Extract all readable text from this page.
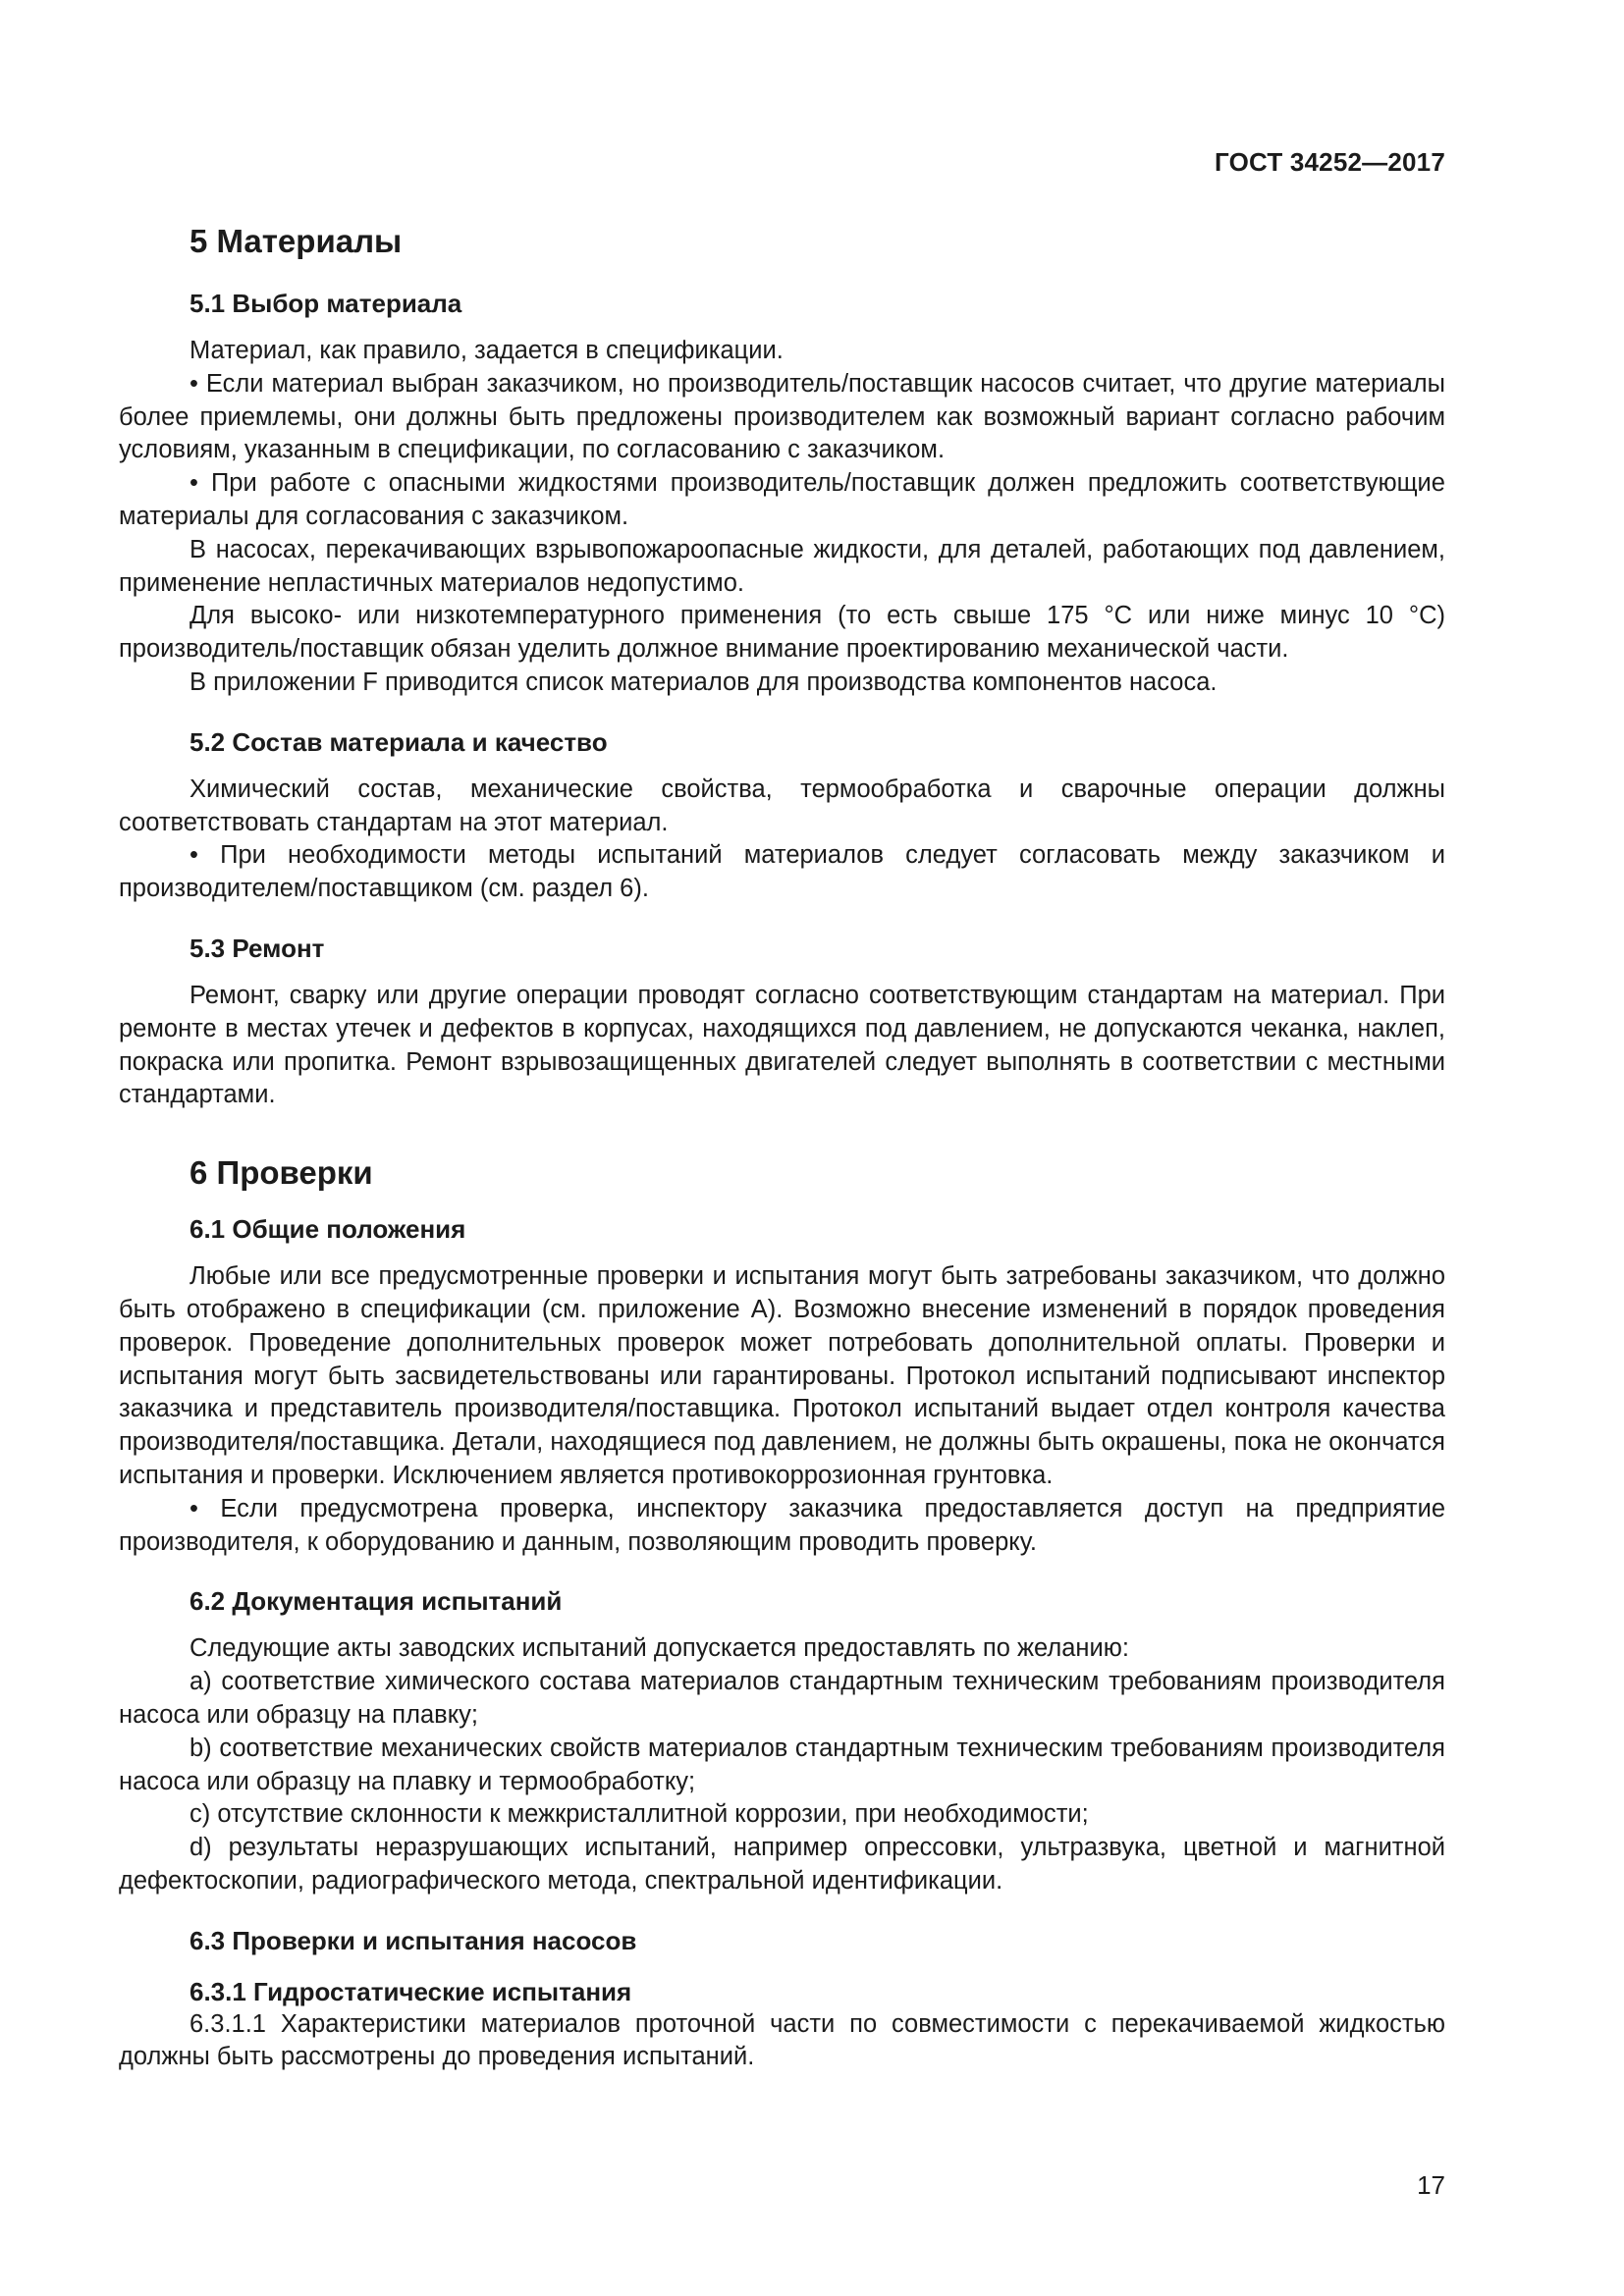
ГОСТ 34252—2017
5 Материалы
5.1 Выбор материала

Материал, как правило, задается в спецификации.

• Если материал выбран заказчиком, но производитель/поставщик насосов считает, что другие материалы более приемлемы, они должны быть предложены производителем как возможный вариант согласно рабочим условиям, указанным в спецификации, по согласованию с заказчиком.

• При работе с опасными жидкостями производитель/поставщик должен предложить соответствующие материалы для согласования с заказчиком.

В насосах, перекачивающих взрывопожароопасные жидкости, для деталей, работающих под давлением, применение непластичных материалов недопустимо.

Для высоко- или низкотемпературного применения (то есть свыше 175 °С или ниже минус 10 °С) производитель/поставщик обязан уделить должное внимание проектированию механической части.

В приложении F приводится список материалов для производства компонентов насоса.

5.2 Состав материала и качество

Химический состав, механические свойства, термообработка и сварочные операции должны соответствовать стандартам на этот материал.

• При необходимости методы испытаний материалов следует согласовать между заказчиком и производителем/поставщиком (см. раздел 6).

5.3 Ремонт

Ремонт, сварку или другие операции проводят согласно соответствующим стандартам на материал. При ремонте в местах утечек и дефектов в корпусах, находящихся под давлением, не допускаются чеканка, наклеп, покраска или пропитка. Ремонт взрывозащищенных двигателей следует выполнять в соответствии с местными стандартами.

6 Проверки
6.1 Общие положения

Любые или все предусмотренные проверки и испытания могут быть затребованы заказчиком, что должно быть отображено в спецификации (см. приложение А). Возможно внесение изменений в порядок проведения проверок. Проведение дополнительных проверок может потребовать дополнительной оплаты. Проверки и испытания могут быть засвидетельствованы или гарантированы. Протокол испытаний подписывают инспектор заказчика и представитель производителя/поставщика. Протокол испытаний выдает отдел контроля качества производителя/поставщика. Детали, находящиеся под давлением, не должны быть окрашены, пока не окончатся испытания и проверки. Исключением является противокоррозионная грунтовка.

• Если предусмотрена проверка, инспектору заказчика предоставляется доступ на предприятие производителя, к оборудованию и данным, позволяющим проводить проверку.

6.2 Документация испытаний

Следующие акты заводских испытаний допускается предоставлять по желанию:

a) соответствие химического состава материалов стандартным техническим требованиям производителя насоса или образцу на плавку;

b) соответствие механических свойств материалов стандартным техническим требованиям производителя насоса или образцу на плавку и термообработку;

c) отсутствие склонности к межкристаллитной коррозии, при необходимости;

d) результаты неразрушающих испытаний, например опрессовки, ультразвука, цветной и магнитной дефектоскопии, радиографического метода, спектральной идентификации.

6.3 Проверки и испытания насосов
6.3.1 Гидростатические испытания

6.3.1.1 Характеристики материалов проточной части по совместимости с перекачиваемой жидкостью должны быть рассмотрены до проведения испытаний.

17
